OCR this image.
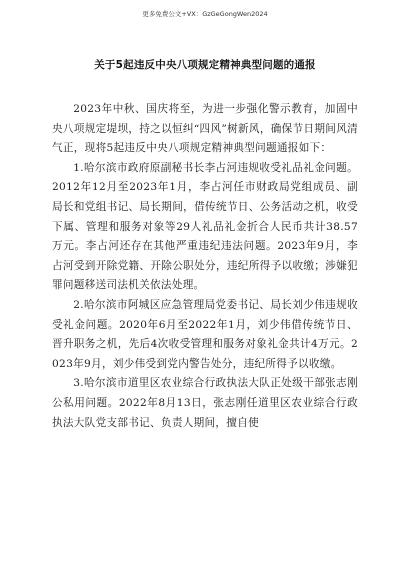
更多免费公文+VX：GzGeGongWen2024
关于5起违反中央八项规定精神典型问题的通报

2023年中秋、国庆将至，为进一步强化警示教育，加固中央八项规定堤坝，持之以恒纠“四风”树新风，确保节日期间风清气正，现将5起违反中央八项规定精神典型问题通报如下：

1.哈尔滨市政府原副秘书长李占河违规收受礼品礼金问题。2012年12月至2023年1月，李占河任市财政局党组成员、副局长和党组书记、局长期间，借传统节日、公务活动之机，收受下属、管理和服务对象等29人礼品礼金折合人民币共计38.57万元。李占河还存在其他严重违纪违法问题。2023年9月，李占河受到开除党籍、开除公职处分，违纪所得予以收缴；涉嫌犯罪问题移送司法机关依法处理。

2.哈尔滨市阿城区应急管理局党委书记、局长刘少伟违规收受礼金问题。2020年6月至2022年1月，刘少伟借传统节日、晋升职务之机，先后4次收受管理和服务对象礼金共计4万元。2023年9月，刘少伟受到党内警告处分，违纪所得予以收缴。

3.哈尔滨市道里区农业综合行政执法大队正处级干部张志刚公私用问题。2022年8月13日，张志刚任道里区农业综合行政执法大队党支部书记、负责人期间，擅自使
